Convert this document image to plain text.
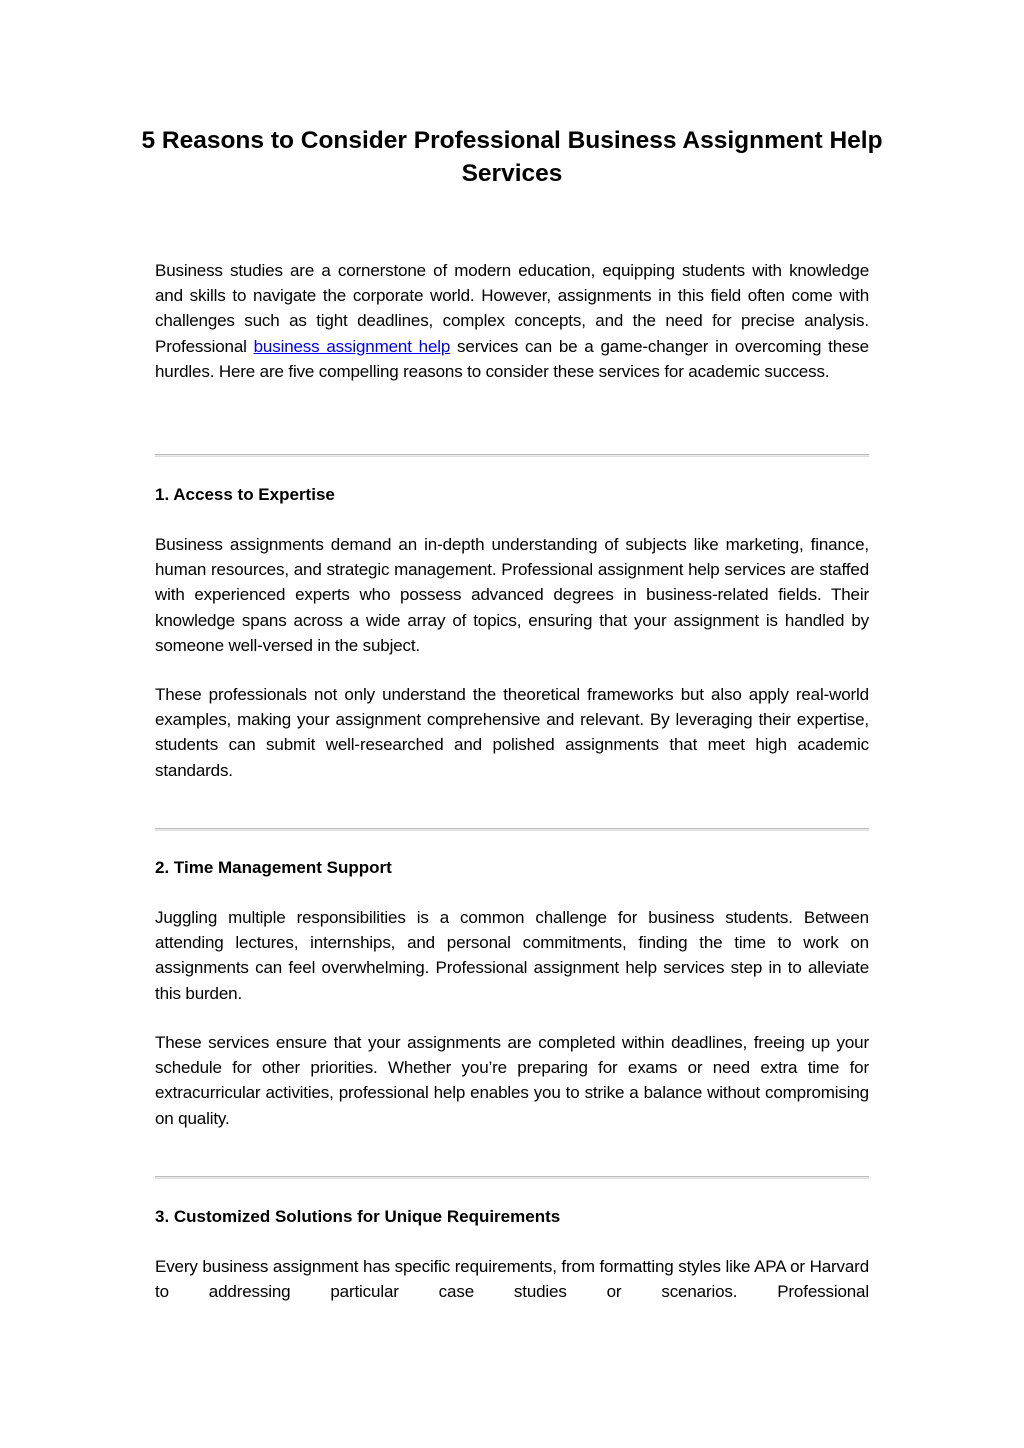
5 Reasons to Consider Professional Business Assignment Help Services

Business studies are a cornerstone of modern education, equipping students with knowledge and skills to navigate the corporate world. However, assignments in this field often come with challenges such as tight deadlines, complex concepts, and the need for precise analysis. Professional business assignment help services can be a game-changer in overcoming these hurdles. Here are five compelling reasons to consider these services for academic success.

1. Access to Expertise

Business assignments demand an in-depth understanding of subjects like marketing, finance, human resources, and strategic management. Professional assignment help services are staffed with experienced experts who possess advanced degrees in business-related fields. Their knowledge spans across a wide array of topics, ensuring that your assignment is handled by someone well-versed in the subject.

These professionals not only understand the theoretical frameworks but also apply real-world examples, making your assignment comprehensive and relevant. By leveraging their expertise, students can submit well-researched and polished assignments that meet high academic standards.

2. Time Management Support

Juggling multiple responsibilities is a common challenge for business students. Between attending lectures, internships, and personal commitments, finding the time to work on assignments can feel overwhelming. Professional assignment help services step in to alleviate this burden.

These services ensure that your assignments are completed within deadlines, freeing up your schedule for other priorities. Whether you’re preparing for exams or need extra time for extracurricular activities, professional help enables you to strike a balance without compromising on quality.

3. Customized Solutions for Unique Requirements

Every business assignment has specific requirements, from formatting styles like APA or Harvard to addressing particular case studies or scenarios. Professional
